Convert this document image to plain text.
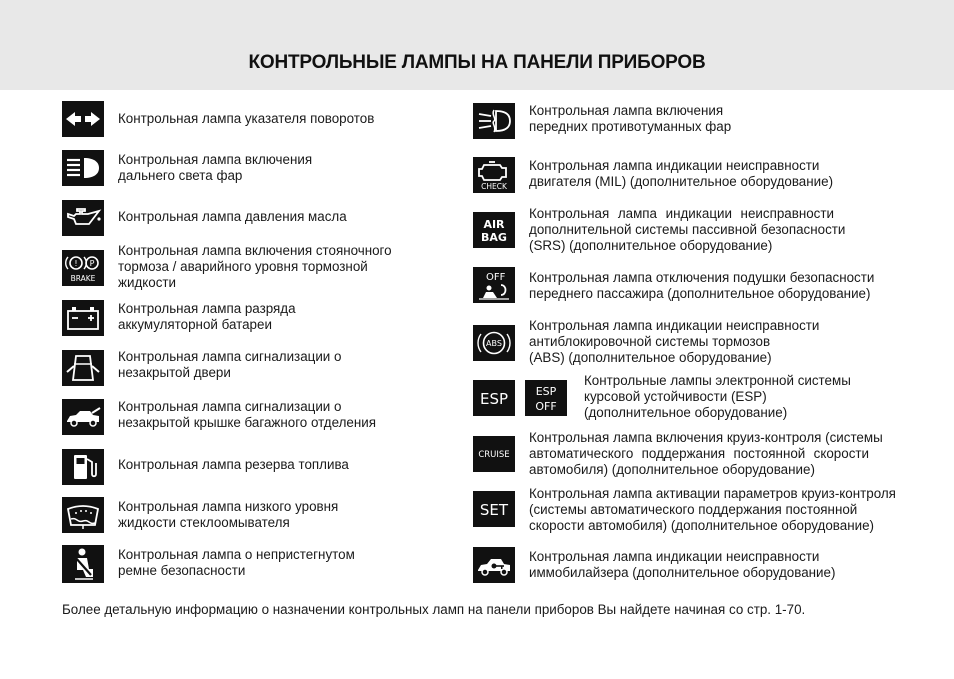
КОНТРОЛЬНЫЕ ЛАМПЫ НА ПАНЕЛИ ПРИБОРОВ
Контрольная лампа указателя поворотов
Контрольная лампа включения
дальнего света фар
Контрольная лампа давления масла
! P
BRAKE
Контрольная лампа включения стояночного
тормоза / аварийного уровня тормозной
жидкости
Контрольная лампа разряда
аккумуляторной батареи
Контрольная лампа сигнализации о
незакрытой двери
Контрольная лампа сигнализации о
незакрытой крышке багажного отделения
Контрольная лампа резерва топлива
Контрольная лампа низкого уровня
жидкости стеклоомывателя
Контрольная лампа о непристегнутом
ремне безопасности
Контрольная лампа включения
передних противотуманных фар
CHECK
Контрольная лампа индикации неисправности
двигателя (MIL) (дополнительное оборудование)
AIR
BAG
Контрольная лампа индикации неисправности
дополнительной системы пассивной безопасности
(SRS) (дополнительное оборудование)
OFF Контрольная лампа отключения подушки безопасности
переднего пассажира (дополнительное оборудование)
ABS
Контрольная лампа индикации неисправности
антиблокировочной системы тормозов
(ABS) (дополнительное оборудование)
ESP	ESP
OFF
Контрольные лампы электронной системы
курсовой устойчивости (ESP)
(дополнительное оборудование)
CRUISE
Контрольная лампа включения круиз-контроля (системы
автоматического поддержания постоянной скорости
автомобиля) (дополнительное оборудование)
SET
Контрольная лампа активации параметров круиз-контроля
(системы автоматического поддержания постоянной
скорости автомобиля) (дополнительное оборудование)
Контрольная лампа индикации неисправности
иммобилайзера (дополнительное оборудование)
Более детальную информацию о назначении контрольных ламп на панели приборов Вы найдете начиная со стр. 1-70.
